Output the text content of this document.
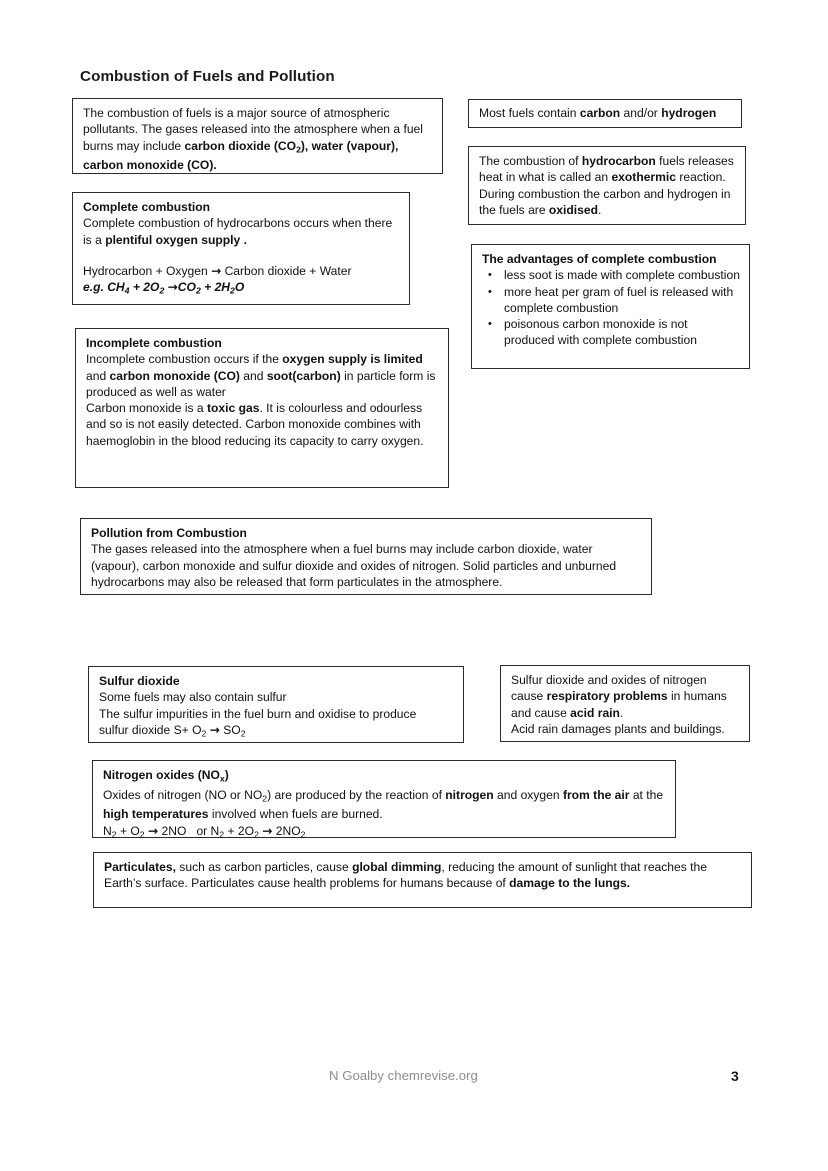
Combustion of Fuels and Pollution
The combustion of fuels is a major source of atmospheric pollutants. The gases released into the atmosphere when a fuel burns may include carbon dioxide $(CO_2)$, water (vapour), carbon monoxide (CO).
Most fuels contain carbon and/or hydrogen
The combustion of hydrocarbon fuels releases heat in what is called an exothermic reaction. During combustion the carbon and hydrogen in the fuels are oxidised.
Complete combustion
Complete combustion of hydrocarbons occurs when there is a plentiful oxygen supply .
Hydrocarbon + Oxygen → Carbon dioxide + Water
e.g. $CH_4 + 2O_2 \to CO_2 + 2H_2O$
The advantages of complete combustion
• less soot is made with complete combustion
• more heat per gram of fuel is released with complete combustion
• poisonous carbon monoxide is not produced with complete combustion
Incomplete combustion
Incomplete combustion occurs if the oxygen supply is limited and carbon monoxide (CO) and soot(carbon) in particle form is produced as well as water
Carbon monoxide is a toxic gas. It is colourless and odourless and so is not easily detected. Carbon monoxide combines with haemoglobin in the blood reducing its capacity to carry oxygen.
Pollution from Combustion
The gases released into the atmosphere when a fuel burns may include carbon dioxide, water (vapour), carbon monoxide and sulfur dioxide and oxides of nitrogen. Solid particles and unburned hydrocarbons may also be released that form particulates in the atmosphere.
Sulfur dioxide
Some fuels may also contain sulfur
The sulfur impurities in the fuel burn and oxidise to produce
sulfur dioxide $S+ O_2 \to SO_2$
Sulfur dioxide and oxides of nitrogen cause respiratory problems in humans and cause acid rain.
Acid rain damages plants and buildings.
Nitrogen oxides $(NO_x)$
Oxides of nitrogen (NO or $NO_2$) are produced by the reaction of nitrogen and oxygen from the air at the high temperatures involved when fuels are burned.
$N_2 + O_2 \to 2NO$   or $N_2 + 2O_2 \to 2NO_2$
Particulates, such as carbon particles, cause global dimming, reducing the amount of sunlight that reaches the Earth’s surface. Particulates cause health problems for humans because of damage to the lungs.
N Goalby chemrevise.org	3
